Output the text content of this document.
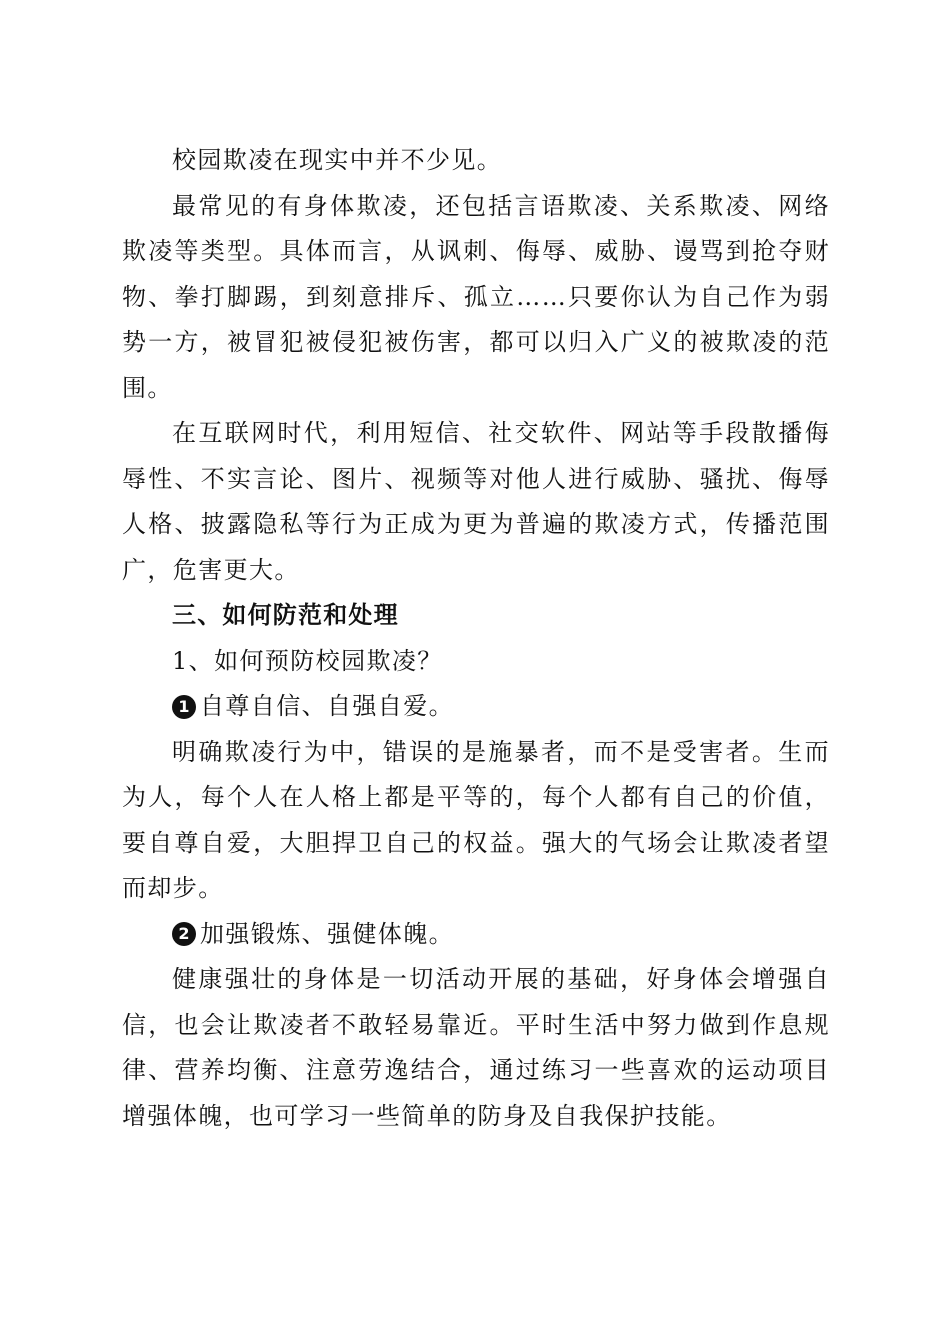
校园欺凌在现实中并不少见。

最常见的有身体欺凌，还包括言语欺凌、关系欺凌、网络欺凌等类型。具体而言，从讽刺、侮辱、威胁、谩骂到抢夺财物、拳打脚踢，到刻意排斥、孤立……只要你认为自己作为弱势一方，被冒犯被侵犯被伤害，都可以归入广义的被欺凌的范围。

在互联网时代，利用短信、社交软件、网站等手段散播侮辱性、不实言论、图片、视频等对他人进行威胁、骚扰、侮辱人格、披露隐私等行为正成为更为普遍的欺凌方式，传播范围广，危害更大。

三、如何防范和处理

1、如何预防校园欺凌？

1 自尊自信、自强自爱。

明确欺凌行为中，错误的是施暴者，而不是受害者。生而为人，每个人在人格上都是平等的，每个人都有自己的价值，要自尊自爱，大胆捍卫自己的权益。强大的气场会让欺凌者望而却步。

2 加强锻炼、强健体魄。

健康强壮的身体是一切活动开展的基础，好身体会增强自信，也会让欺凌者不敢轻易靠近。平时生活中努力做到作息规律、营养均衡、注意劳逸结合，通过练习一些喜欢的运动项目增强体魄，也可学习一些简单的防身及自我保护技能。
